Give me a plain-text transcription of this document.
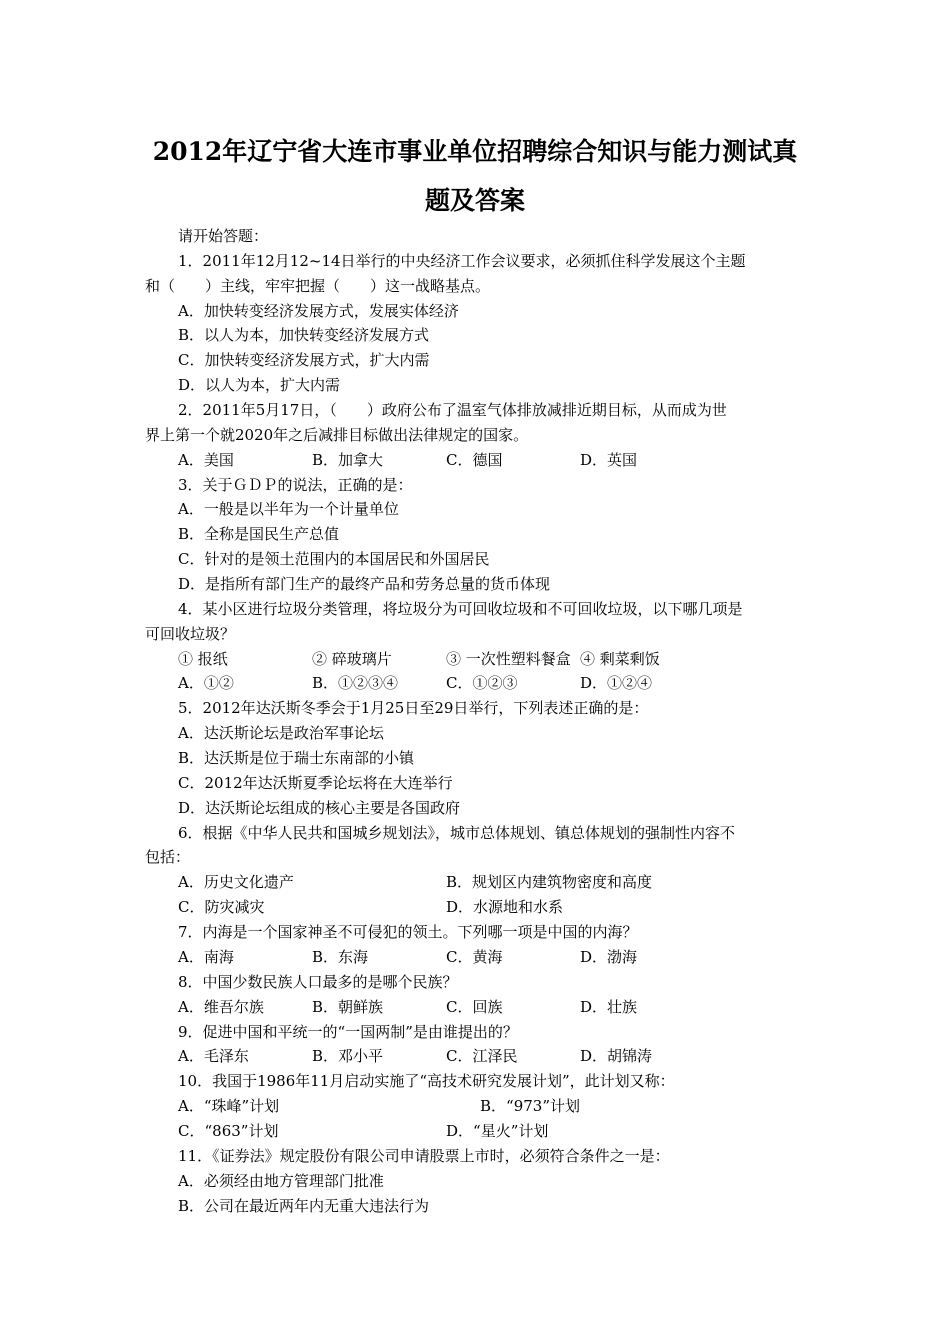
2012年辽宁省大连市事业单位招聘综合知识与能力测试真
题及答案
请开始答题：
1．2011年12月12~14日举行的中央经济工作会议要求，必须抓住科学发展这个主题
和（　　）主线，牢牢把握（　　）这一战略基点。
A．加快转变经济发展方式，发展实体经济
B．以人为本，加快转变经济发展方式
C．加快转变经济发展方式，扩大内需
D．以人为本，扩大内需
2．2011年5月17日，（　　）政府公布了温室气体排放减排近期目标，从而成为世
界上第一个就2020年之后减排目标做出法律规定的国家。
A．美国	B．加拿大	C．德国	D．英国
3．关于ＧＤＰ的说法，正确的是：
A．一般是以半年为一个计量单位
B．全称是国民生产总值
C．针对的是领土范围内的本国居民和外国居民
D．是指所有部门生产的最终产品和劳务总量的货币体现
4．某小区进行垃圾分类管理，将垃圾分为可回收垃圾和不可回收垃圾，以下哪几项是
可回收垃圾？
① 报纸	② 碎玻璃片	③ 一次性塑料餐盒 ④ 剩菜剩饭
A．①②	B．①②③④	C．①②③	D．①②④
5．2012年达沃斯冬季会于1月25日至29日举行，下列表述正确的是：
A．达沃斯论坛是政治军事论坛
B．达沃斯是位于瑞士东南部的小镇
C．2012年达沃斯夏季论坛将在大连举行
D．达沃斯论坛组成的核心主要是各国政府
6．根据《中华人民共和国城乡规划法》，城市总体规划、镇总体规划的强制性内容不
包括：
A．历史文化遗产	B．规划区内建筑物密度和高度
C．防灾减灾	D．水源地和水系
7．内海是一个国家神圣不可侵犯的领土。下列哪一项是中国的内海？
A．南海	B．东海	C．黄海	D．渤海
8．中国少数民族人口最多的是哪个民族？
A．维吾尔族	B．朝鲜族	C．回族	D．壮族
9．促进中国和平统一的“一国两制”是由谁提出的？
A．毛泽东	B．邓小平	C．江泽民	D．胡锦涛
10．我国于1986年11月启动实施了“高技术研究发展计划”，此计划又称：
A．“珠峰”计划	B．“973”计划
C．“863”计划	D．“星火”计划
11．《证券法》规定股份有限公司申请股票上市时，必须符合条件之一是：
A．必须经由地方管理部门批准
B．公司在最近两年内无重大违法行为
